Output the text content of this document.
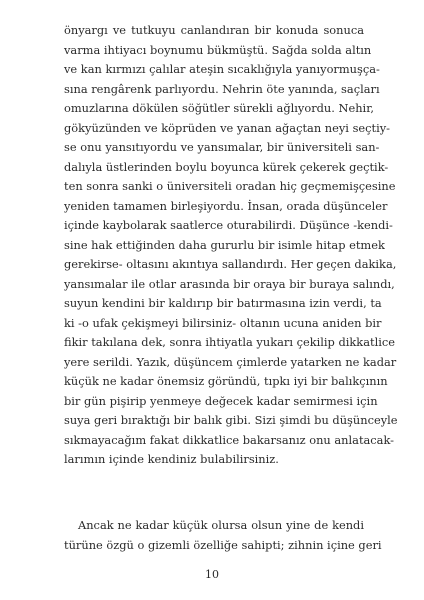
önyargı ve tutkuyu canlandıran bir konuda sonuca
varma ihtiyacı boynumu bükmüştü. Sağda solda altın
ve kan kırmızı çalılar ateşin sıcaklığıyla yanıyormuşça-
sına rengârenk parlıyordu. Nehrin öte yanında, saçları
omuzlarına dökülen söğütler sürekli ağlıyordu. Nehir,
gökyüzünden ve köprüden ve yanan ağaçtan neyi seçtiy-
se onu yansıtıyordu ve yansımalar, bir üniversiteli san-
dalıyla üstlerinden boylu boyunca kürek çekerek geçtik-
ten sonra sanki o üniversiteli oradan hiç geçmemişçesine
yeniden tamamen birleşiyordu. İnsan, orada düşünceler
içinde kaybolarak saatlerce oturabilirdi. Düşünce -kendi-
sine hak ettiğinden daha gururlu bir isimle hitap etmek
gerekirse- oltasını akıntıya sallandırdı. Her geçen dakika,
yansımalar ile otlar arasında bir oraya bir buraya salındı,
suyun kendini bir kaldırıp bir batırmasına izin verdi, ta
ki -o ufak çekişmeyi bilirsiniz- oltanın ucuna aniden bir
fikir takılana dek, sonra ihtiyatla yukarı çekilip dikkatlice
yere serildi. Yazık, düşüncem çimlerde yatarken ne kadar
küçük ne kadar önemsiz göründü, tıpkı iyi bir balıkçının
bir gün pişirip yenmeye değecek kadar semirmesi için
suya geri bıraktığı bir balık gibi. Sizi şimdi bu düşünceyle
sıkmayacağım fakat dikkatlice bakarsanız onu anlatacak-
larımın içinde kendiniz bulabilirsiniz.
Ancak ne kadar küçük olursa olsun yine de kendi
türüne özgü o gizemli özelliğe sahipti; zihnin içine geri
10
